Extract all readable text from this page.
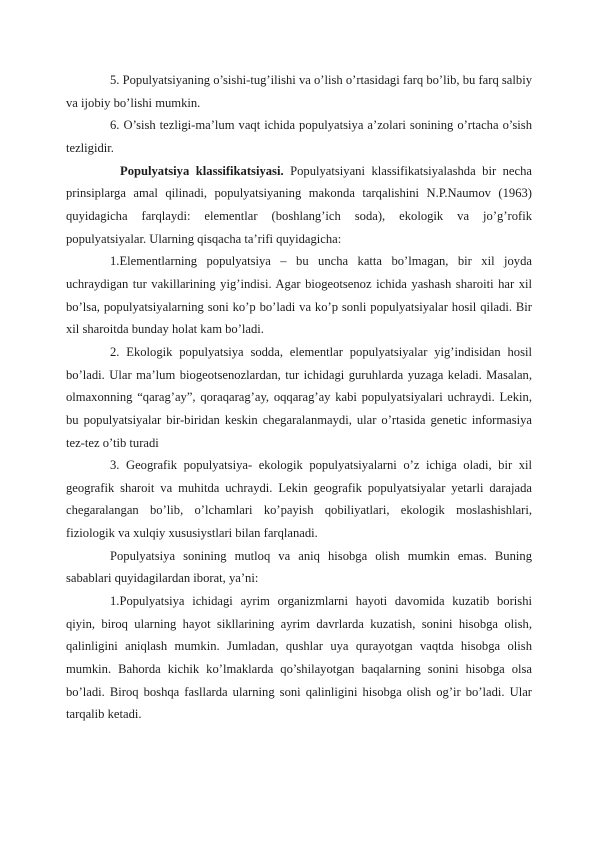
5. Populyatsiyaning o’sishi-tug’ilishi va o’lish o’rtasidagi farq bo’lib, bu farq salbiy va ijobiy bo’lishi mumkin.

6. O’sish tezligi-ma’lum vaqt ichida populyatsiya a’zolari sonining o’rtacha o’sish tezligidir.

Populyatsiya klassifikatsiyasi. Populyatsiyani klassifikatsiyalashda bir necha prinsiplarga amal qilinadi, populyatsiyaning makonda tarqalishini N.P.Naumov (1963) quyidagicha farqlaydi: elementlar (boshlang’ich soda), ekologik va jo’g’rofik populyatsiyalar. Ularning qisqacha ta’rifi quyidagicha:

1.Elementlarning populyatsiya – bu uncha katta bo’lmagan, bir xil joyda uchraydigan tur vakillarining yig’indisi. Agar biogeotsenoz ichida yashash sharoiti har xil bo’lsa, populyatsiyalarning soni ko’p bo’ladi va ko’p sonli populyatsiyalar hosil qiladi. Bir xil sharoitda bunday holat kam bo’ladi.

2. Ekologik populyatsiya sodda, elementlar populyatsiyalar yig’indisidan hosil bo’ladi. Ular ma’lum biogeotsenozlardan, tur ichidagi guruhlarda yuzaga keladi. Masalan, olmaxonning “qarag’ay”, qoraqarag’ay, oqqarag’ay kabi populyatsiyalari uchraydi. Lekin, bu populyatsiyalar bir-biridan keskin chegaralanmaydi, ular o’rtasida genetic informasiya tez-tez o’tib turadi

3. Geografik populyatsiya- ekologik populyatsiyalarni o’z ichiga oladi, bir xil geografik sharoit va muhitda uchraydi. Lekin geografik populyatsiyalar yetarli darajada chegaralangan bo’lib, o’lchamlari ko’payish qobiliyatlari, ekologik moslashishlari, fiziologik va xulqiy xususiystlari bilan farqlanadi.

Populyatsiya sonining mutloq va aniq hisobga olish mumkin emas. Buning sabablari quyidagilardan iborat, ya’ni:

1.Populyatsiya ichidagi ayrim organizmlarni hayoti davomida kuzatib borishi qiyin, biroq ularning hayot sikllarining ayrim davrlarda kuzatish, sonini hisobga olish, qalinligini aniqlash mumkin. Jumladan, qushlar uya qurayotgan vaqtda hisobga olish mumkin. Bahorda kichik ko’lmaklarda qo’shilayotgan baqalarning sonini hisobga olsa bo’ladi. Biroq boshqa fasllarda ularning soni qalinligini hisobga olish og’ir bo’ladi. Ular tarqalib ketadi.
